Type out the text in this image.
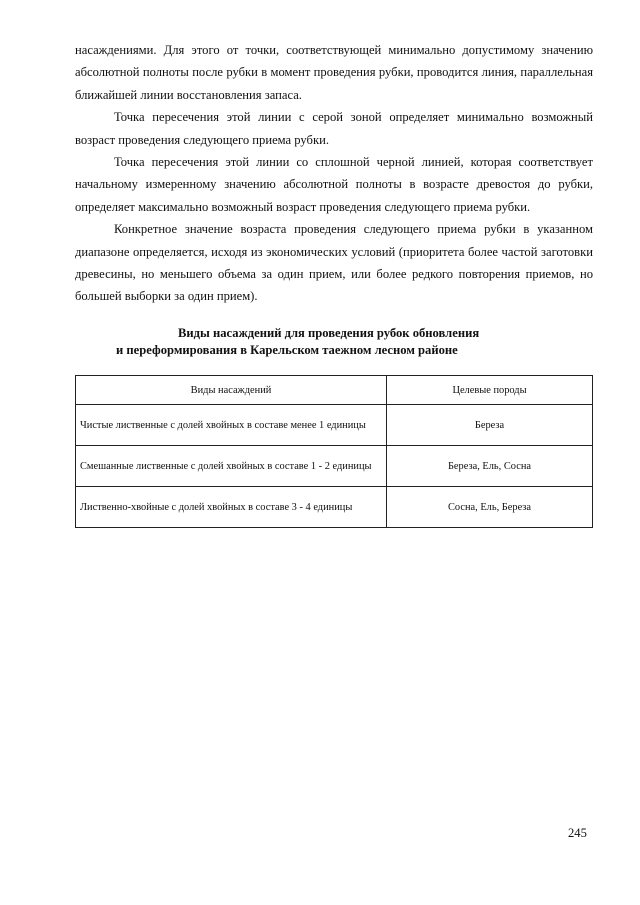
насаждениями. Для этого от точки, соответствующей минимально допустимому значению абсолютной полноты после рубки в момент проведения рубки, проводится линия, параллельная ближайшей линии восстановления запаса.

Точка пересечения этой линии с серой зоной определяет минимально возможный возраст проведения следующего приема рубки.

Точка пересечения этой линии со сплошной черной линией, которая соответствует начальному измеренному значению абсолютной полноты в возрасте древостоя до рубки, определяет максимально возможный возраст проведения следующего приема рубки.

Конкретное значение возраста проведения следующего приема рубки в указанном диапазоне определяется, исходя из экономических условий (приоритета более частой заготовки древесины, но меньшего объема за один прием, или более редкого повторения приемов, но большей выборки за один прием).

Виды насаждений для проведения рубок обновления
и переформирования в Карельском таежном лесном районе
Виды насаждений	Целевые породы
Чистые лиственные с долей хвойных в составе менее 1 единицы	Береза
Смешанные лиственные с долей хвойных в составе 1 - 2 единицы	Береза, Ель, Сосна
Лиственно-хвойные с долей хвойных в составе 3 - 4 единицы	Сосна, Ель, Береза
245
